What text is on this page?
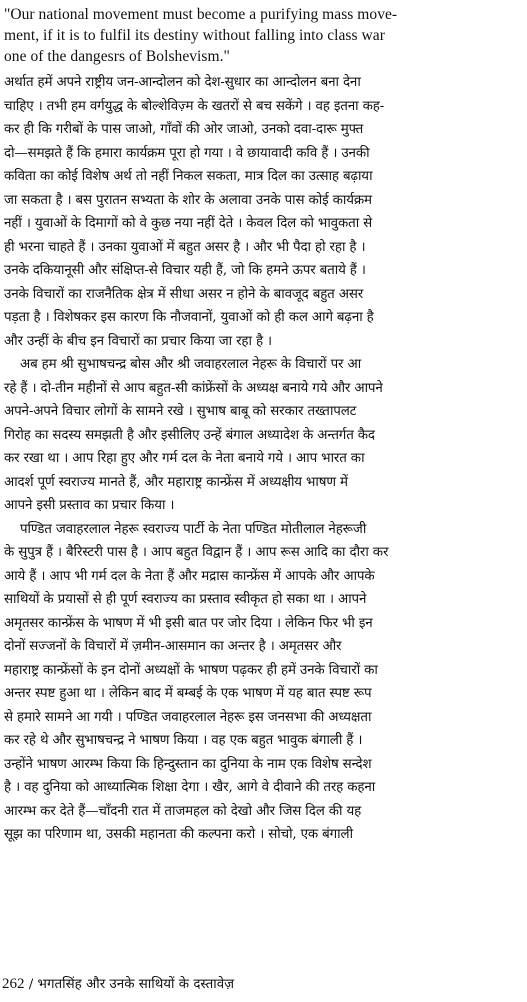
"Our national movement must become a purifying mass move-
ment, if it is to fulfil its destiny without falling into class war
one of the dangesrs of Bolshevism."
अर्थात हमें अपने राष्ट्रीय जन-आन्दोलन को देश-सुधार का आन्दोलन बना देना
चाहिए । तभी हम वर्गयुद्ध के बोल्शेविज़्म के खतरों से बच सकेंगे । वह इतना कह-
कर ही कि गरीबों के पास जाओ, गाँवों की ओर जाओ, उनको दवा-दारू मुफ्त
दो—समझते हैं कि हमारा कार्यक्रम पूरा हो गया । वे छायावादी कवि हैं । उनकी
कविता का कोई विशेष अर्थ तो नहीं निकल सकता, मात्र दिल का उत्साह बढ़ाया
जा सकता है । बस पुरातन सभ्यता के शोर के अलावा उनके पास कोई कार्यक्रम
नहीं । युवाओं के दिमागों को वे कुछ नया नहीं देते । केवल दिल को भावुकता से
ही भरना चाहते हैं । उनका युवाओं में बहुत असर है । और भी पैदा हो रहा है ।
उनके दकियानूसी और संक्षिप्त-से विचार यही हैं, जो कि हमने ऊपर बताये हैं ।
उनके विचारों का राजनैतिक क्षेत्र में सीधा असर न होने के बावजूद बहुत असर
पड़ता है । विशेषकर इस कारण कि नौजवानों, युवाओं को ही कल आगे बढ़ना है
और उन्हीं के बीच इन विचारों का प्रचार किया जा रहा है ।
अब हम श्री सुभाषचन्द्र बोस और श्री जवाहरलाल नेहरू के विचारों पर आ
रहे हैं । दो-तीन महीनों से आप बहुत-सी कांफ्रेंसों के अध्यक्ष बनाये गये और आपने
अपने-अपने विचार लोगों के सामने रखे । सुभाष बाबू को सरकार तख्तापलट
गिरोह का सदस्य समझती है और इसीलिए उन्हें बंगाल अध्यादेश के अन्तर्गत कैद
कर रखा था । आप रिहा हुए और गर्म दल के नेता बनाये गये । आप भारत का
आदर्श पूर्ण स्वराज्य मानते हैं, और महाराष्ट्र कान्फ्रेंस में अध्यक्षीय भाषण में
आपने इसी प्रस्ताव का प्रचार किया ।
पण्डित जवाहरलाल नेहरू स्वराज्य पार्टी के नेता पण्डित मोतीलाल नेहरूजी
के सुपुत्र हैं । बैरिस्टरी पास है । आप बहुत विद्वान हैं । आप रूस आदि का दौरा कर
आये हैं । आप भी गर्म दल के नेता हैं और मद्रास कान्फ्रेंस में आपके और आपके
साथियों के प्रयासों से ही पूर्ण स्वराज्य का प्रस्ताव स्वीकृत हो सका था । आपने
अमृतसर कान्फ्रेंस के भाषण में भी इसी बात पर जोर दिया । लेकिन फिर भी इन
दोनों सज्जनों के विचारों में ज़मीन-आसमान का अन्तर है । अमृतसर और
महाराष्ट्र कान्फ्रेंसों के इन दोनों अध्यक्षों के भाषण पढ़कर ही हमें उनके विचारों का
अन्तर स्पष्ट हुआ था । लेकिन बाद में बम्बई के एक भाषण में यह बात स्पष्ट रूप
से हमारे सामने आ गयी । पण्डित जवाहरलाल नेहरू इस जनसभा की अध्यक्षता
कर रहे थे और सुभाषचन्द्र ने भाषण किया । वह एक बहुत भावुक बंगाली हैं ।
उन्होंने भाषण आरम्भ किया कि हिन्दुस्तान का दुनिया के नाम एक विशेष सन्देश
है । वह दुनिया को आध्यात्मिक शिक्षा देगा । खैर, आगे वे दीवाने की तरह कहना
आरम्भ कर देते हैं—चाँदनी रात में ताजमहल को देखो और जिस दिल की यह
सूझ का परिणाम था, उसकी महानता की कल्पना करो । सोचो, एक बंगाली
262 / भगतसिंह और उनके साथियों के दस्तावेज़
